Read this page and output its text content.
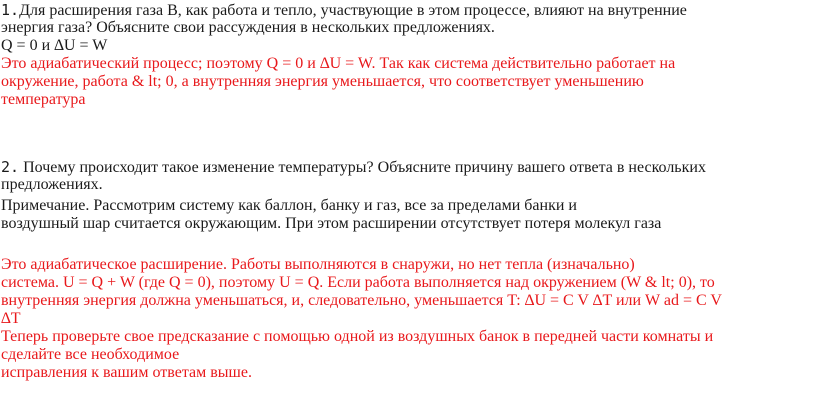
1.Для расширения газа B, как работа и тепло, участвующие в этом процессе, влияют на внутренние
энергия газа? Объясните свои рассуждения в нескольких предложениях.
Q = 0 и ∆U = W
Это адиабатический процесс; поэтому Q = 0 и ∆U = W. Так как система действительно работает на
окружение, работа & lt; 0, а внутренняя энергия уменьшается, что соответствует уменьшению
температура
2. Почему происходит такое изменение температуры? Объясните причину вашего ответа в нескольких
предложениях.
Примечание. Рассмотрим систему как баллон, банку и газ, все за пределами банки и
воздушный шар считается окружающим. При этом расширении отсутствует потеря молекул газа
Это адиабатическое расширение. Работы выполняются в снаружи, но нет тепла (изначально)
система. U = Q + W (где Q = 0), поэтому U = Q. Если работа выполняется над окружением (W & lt; 0), то
внутренняя энергия должна уменьшаться, и, следовательно, уменьшается T: ∆U = C V ∆T или W ad = C V
∆T
Теперь проверьте свое предсказание с помощью одной из воздушных банок в передней части комнаты и
сделайте все необходимое
исправления к вашим ответам выше.
